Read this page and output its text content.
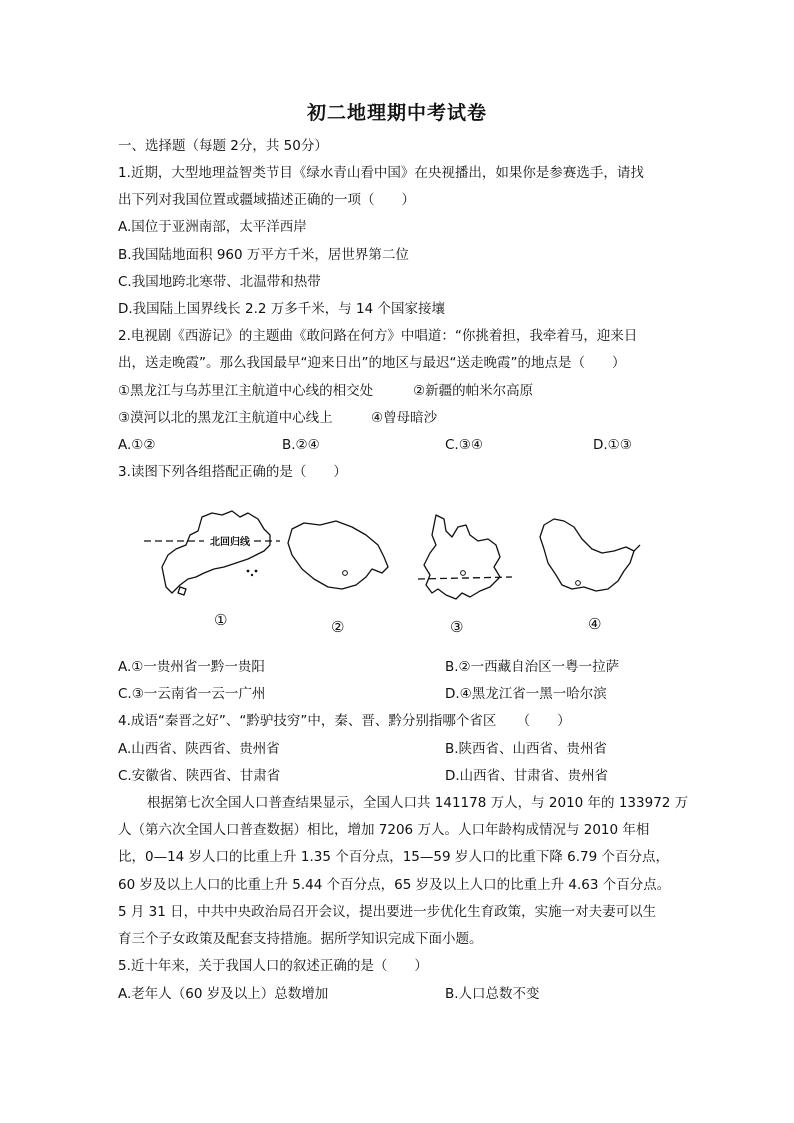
初二地理期中考试卷
一、选择题（每题 2分，共 50分）
1.近期，大型地理益智类节目《绿水青山看中国》在央视播出，如果你是参赛选手，请找
出下列对我国位置或疆域描述正确的一项（　　）
A.国位于亚洲南部，太平洋西岸
B.我国陆地面积 960 万平方千米，居世界第二位
C.我国地跨北寒带、北温带和热带
D.我国陆上国界线长 2.2 万多千米，与 14 个国家接壤
2.电视剧《西游记》的主题曲《敢问路在何方》中唱道：“你挑着担，我牵着马，迎来日
出，送走晚霞”。那么我国最早“迎来日出”的地区与最迟“送走晚霞”的地点是（　　）
①黑龙江与乌苏里江主航道中心线的相交处	②新疆的帕米尔高原
③漠河以北的黑龙江主航道中心线上	④曾母暗沙
A.①②	B.②④	C.③④	D.①③
3.读图下列各组搭配正确的是（　　）
北回归线
①	②	③	④
A.①一贵州省一黔一贵阳	B.②一西藏自治区一粤一拉萨
C.③一云南省一云一广州	D.④黑龙江省一黑一哈尔滨
4.成语“秦晋之好”、“黔驴技穷”中，秦、晋、黔分别指哪个省区　　（　　）
A.山西省、陕西省、贵州省	B.陕西省、山西省、贵州省
C.安徽省、陕西省、甘肃省	D.山西省、甘肃省、贵州省
根据第七次全国人口普查结果显示，全国人口共 141178 万人，与 2010 年的 133972 万
人（第六次全国人口普查数据）相比，增加 7206 万人。人口年龄构成情况与 2010 年相
比，0—14 岁人口的比重上升 1.35 个百分点，15—59 岁人口的比重下降 6.79 个百分点，
60 岁及以上人口的比重上升 5.44 个百分点，65 岁及以上人口的比重上升 4.63 个百分点。
5 月 31 日，中共中央政治局召开会议，提出要进一步优化生育政策，实施一对夫妻可以生
育三个子女政策及配套支持措施。据所学知识完成下面小题。
5.近十年来，关于我国人口的叙述正确的是（　　）
A.老年人（60 岁及以上）总数增加	B.人口总数不变
